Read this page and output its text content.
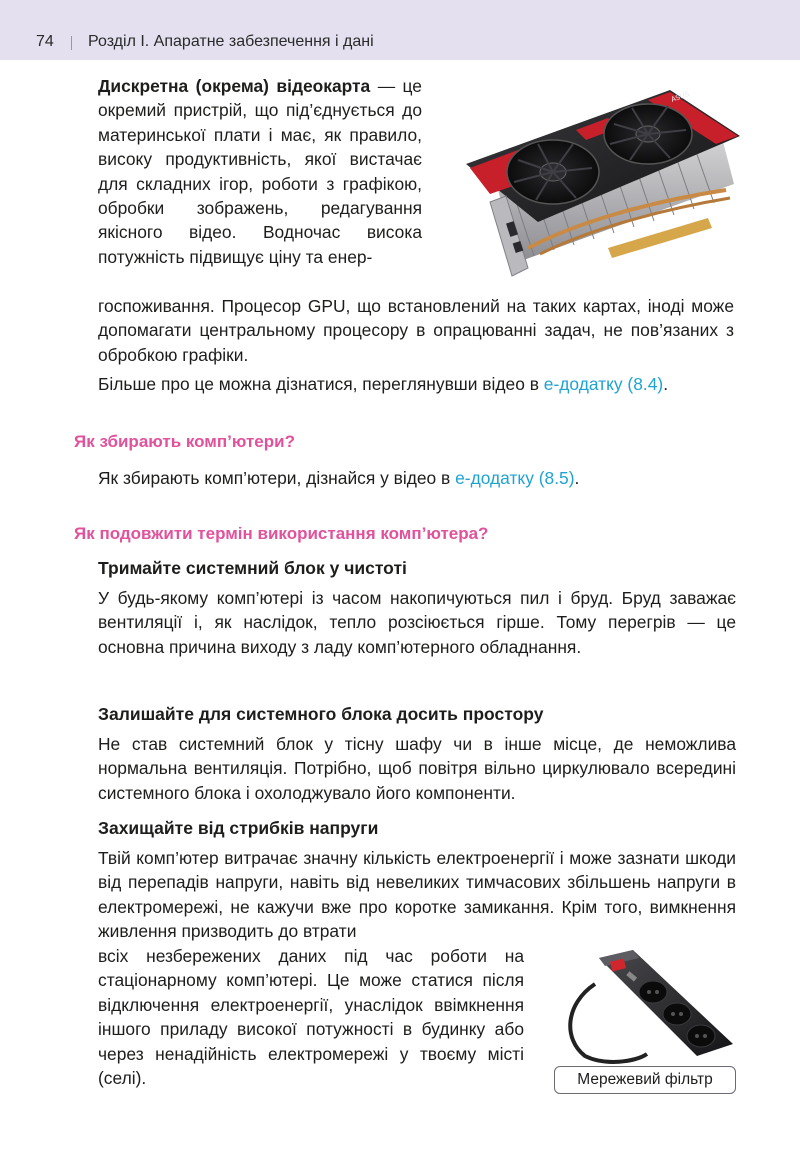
74 Розділ І. Апаратне забезпечення і дані
ASUS
Дискретна (окрема) відеокарта — це окремий пристрій, що під’єднується до материнської плати і має, як правило, високу продуктивність, якої вистачає для складних ігор, роботи з графікою, обробки зображень, редагування якісного відео. Водночас висока потужність підвищує ціну та енер-
госпоживання. Процесор GPU, що встановлений на таких картах, іноді може допомагати центральному процесору в опрацюванні задач, не пов’язаних з обробкою графіки.
Більше про це можна дізнатися, переглянувши відео в е-додатку (8.4).
Як збирають комп’ютери?
Як збирають комп’ютери, дізнайся у відео в е-додатку (8.5).
Як подовжити термін використання комп’ютера?
Тримайте системний блок у чистоті
У будь-якому комп’ютері із часом накопичуються пил і бруд. Бруд заважає вентиляції і, як наслідок, тепло розсіюється гірше. Тому перегрів — це основна причина виходу з ладу комп’ютерного обладнання.
Залишайте для системного блока досить простору
Не став системний блок у тісну шафу чи в інше місце, де неможлива нормальна вентиляція. Потрібно, щоб повітря вільно циркулювало всередині системного блока і охолоджувало його компоненти.
Захищайте від стрибків напруги
Твій комп’ютер витрачає значну кількість електроенергії і може зазнати шкоди від перепадів напруги, навіть від невеликих тимчасових збільшень напруги в електромережі, не кажучи вже про коротке замикання. Крім того, вимкнення живлення призводить до втрати
всіх незбережених даних під час роботи на стаціонарному комп’ютері. Це може статися після відключення електроенергії, унаслідок ввімкнення іншого приладу високої потужності в будинку або через ненадійність електромережі у твоєму місті (селі).	Мережевий фільтр
